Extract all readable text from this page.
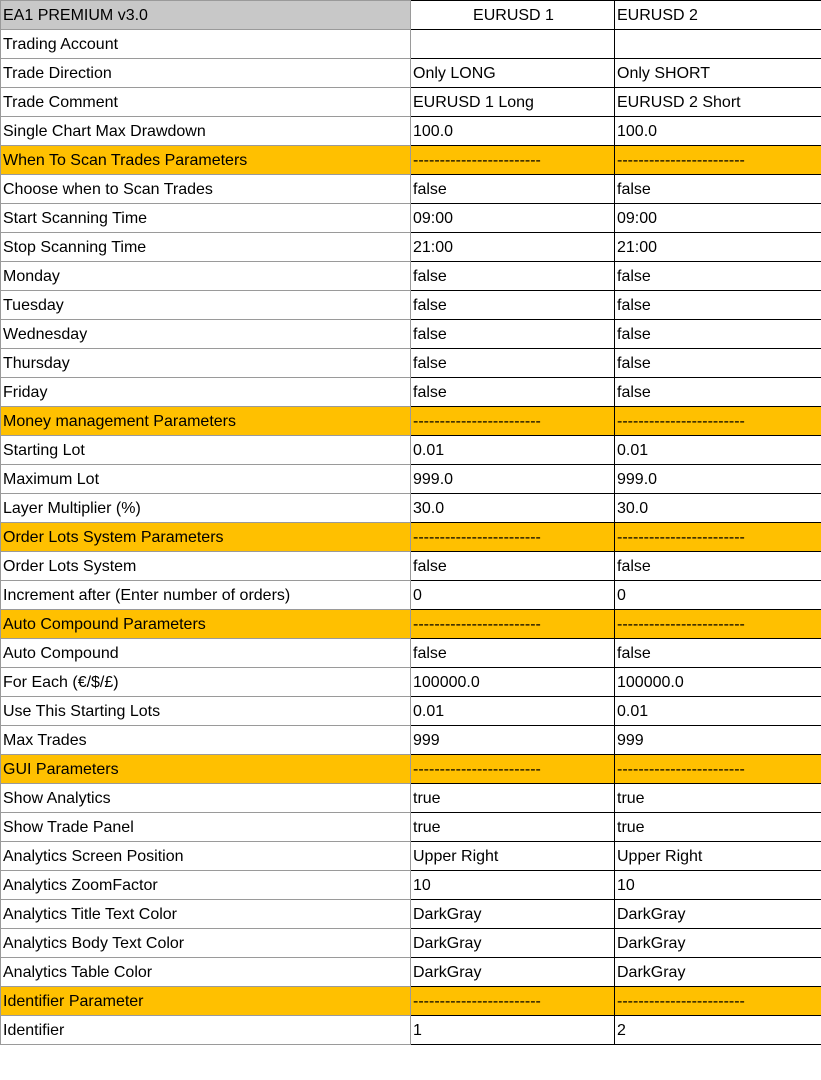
EA1 PREMIUM v3.0	EURUSD 1	EURUSD 2
Trading Account		
Trade Direction	Only LONG	Only SHORT
Trade Comment	EURUSD 1 Long	EURUSD 2 Short
Single Chart Max Drawdown	100.0	100.0
When To Scan Trades Parameters	------------------------	------------------------
Choose when to Scan Trades	false	false
Start Scanning Time	09:00	09:00
Stop Scanning Time	21:00	21:00
Monday	false	false
Tuesday	false	false
Wednesday	false	false
Thursday	false	false
Friday	false	false
Money management Parameters	------------------------	------------------------
Starting Lot	0.01	0.01
Maximum Lot	999.0	999.0
Layer Multiplier (%)	30.0	30.0
Order Lots System Parameters	------------------------	------------------------
Order Lots System	false	false
Increment after (Enter number of orders)	0	0
Auto Compound Parameters	------------------------	------------------------
Auto Compound	false	false
For Each (€/$/£)	100000.0	100000.0
Use This Starting Lots	0.01	0.01
Max Trades	999	999
GUI Parameters	------------------------	------------------------
Show Analytics	true	true
Show Trade Panel	true	true
Analytics Screen Position	Upper Right	Upper Right
Analytics ZoomFactor	10	10
Analytics Title Text Color	DarkGray	DarkGray
Analytics Body Text Color	DarkGray	DarkGray
Analytics Table Color	DarkGray	DarkGray
Identifier Parameter	------------------------	------------------------
Identifier	1	2
